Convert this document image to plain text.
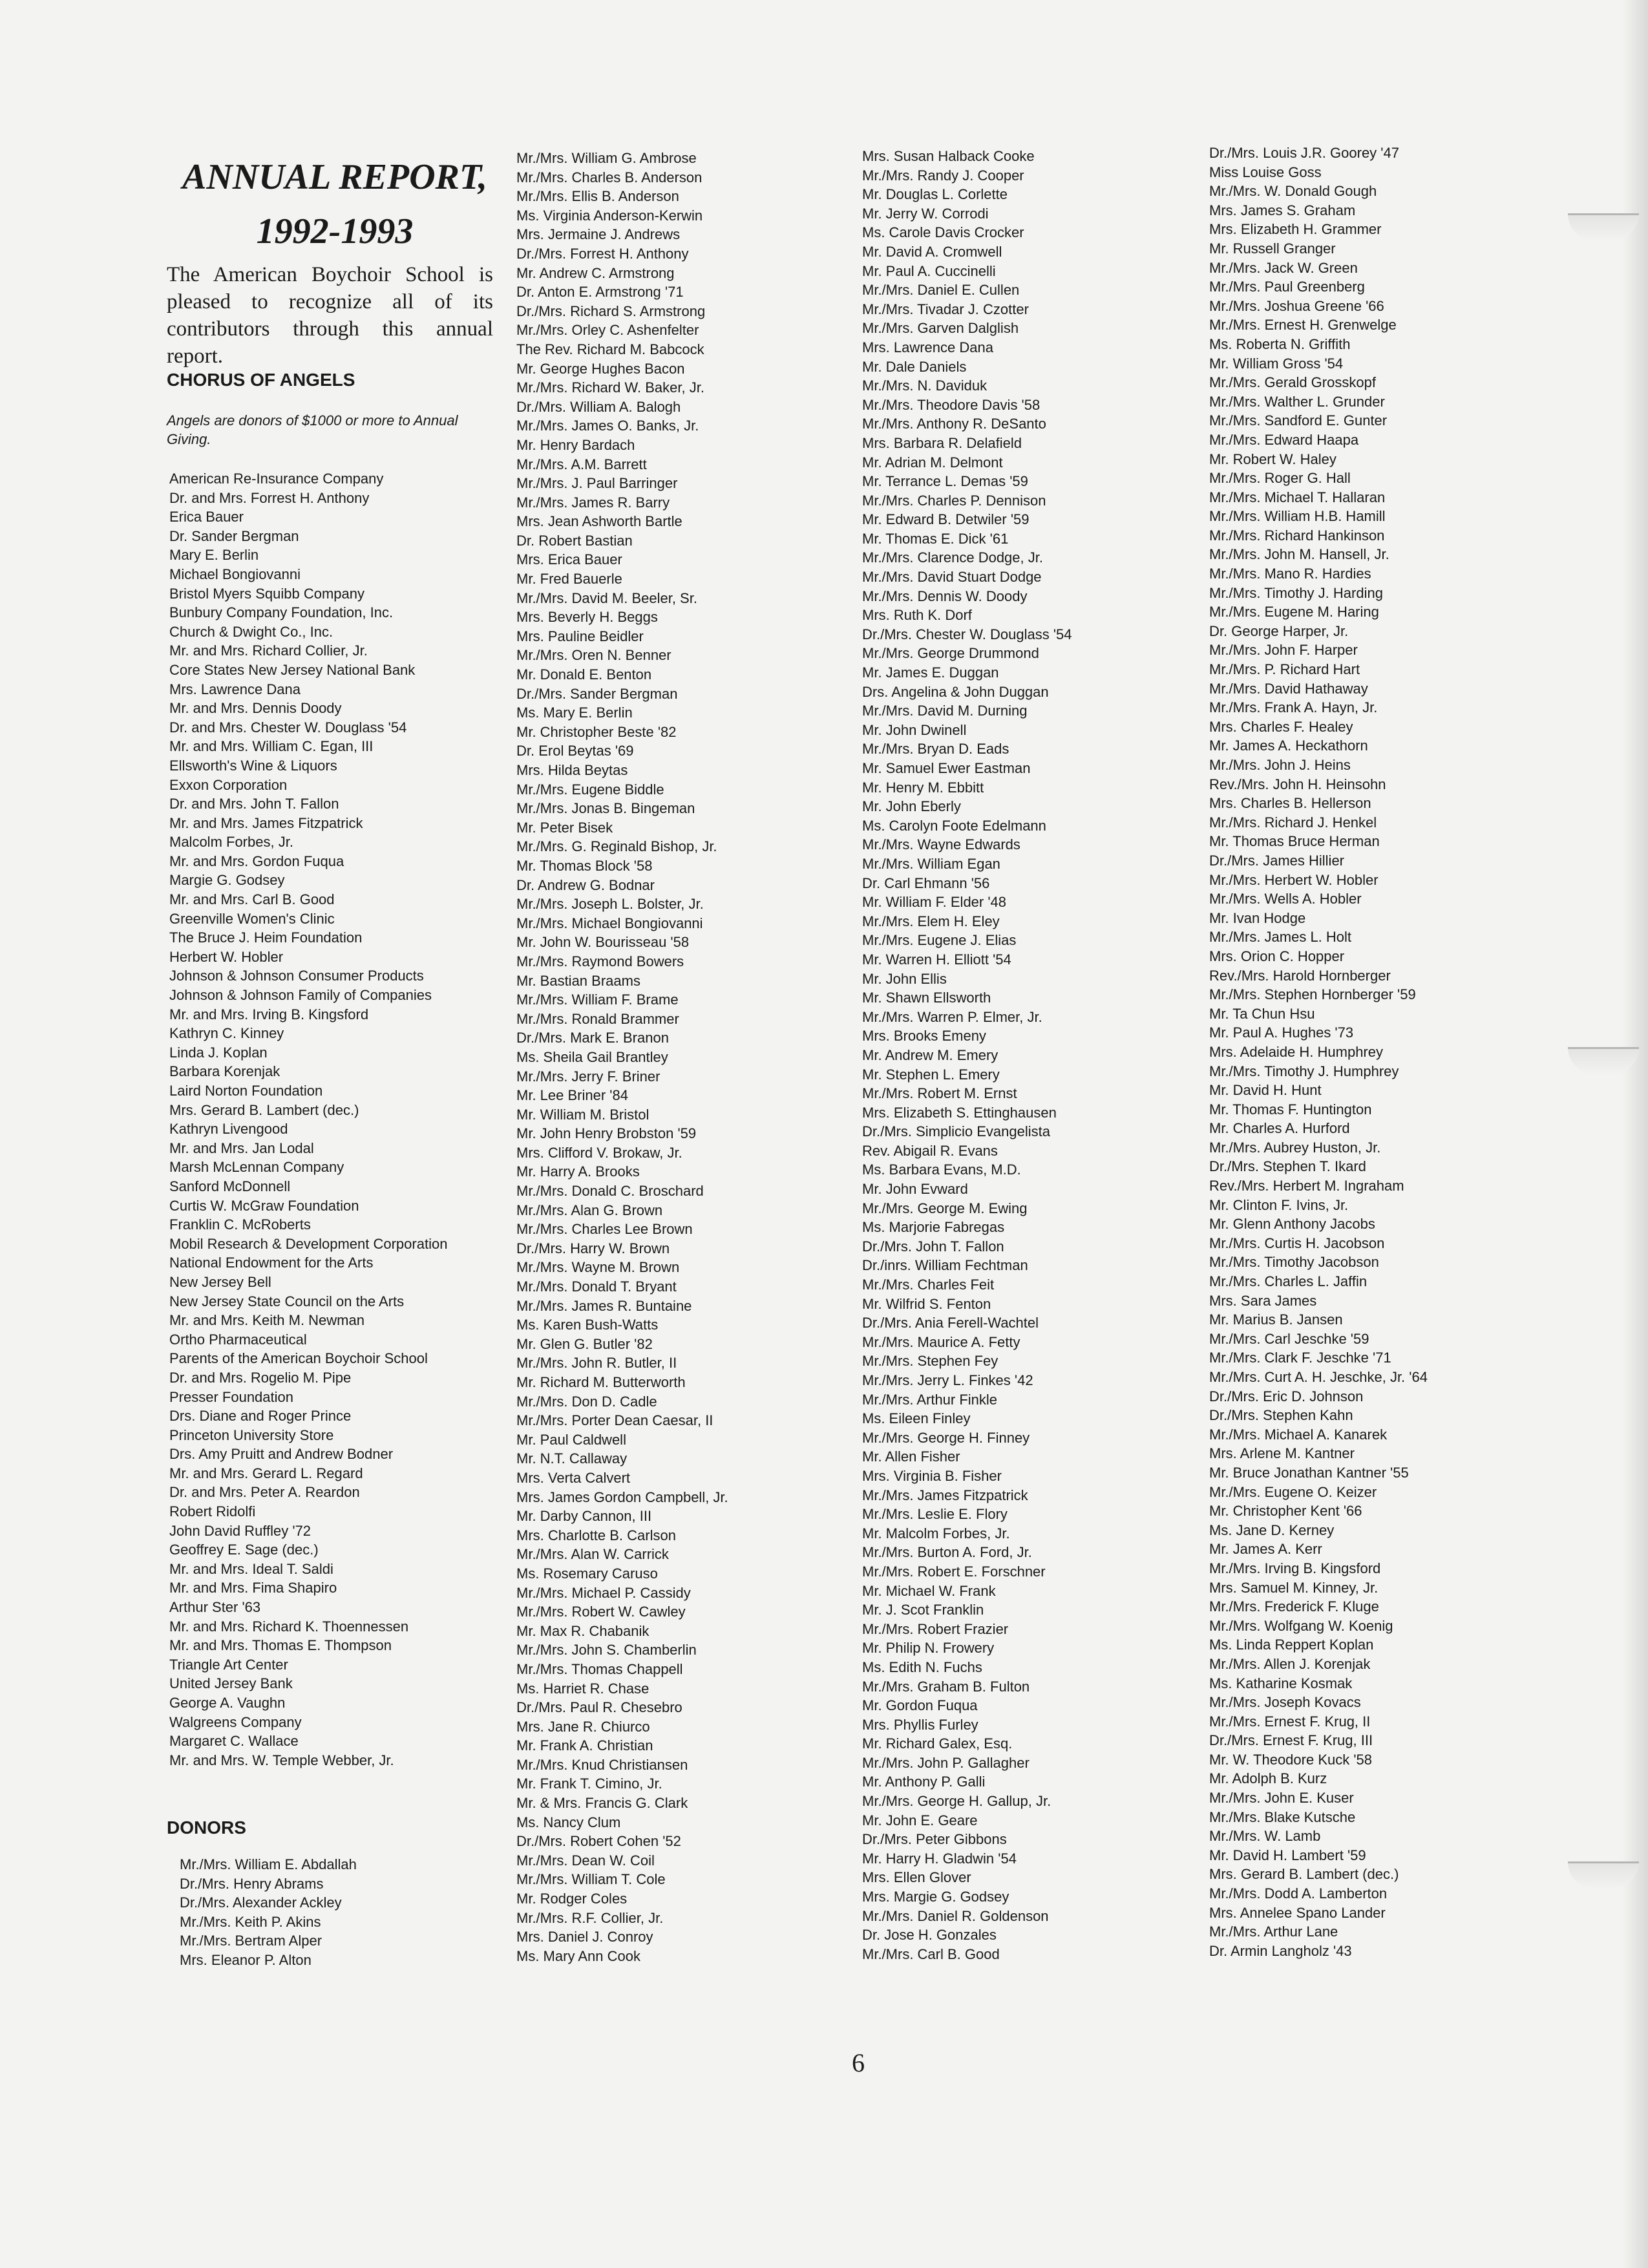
ANNUAL REPORT,
1992-1993

The American Boychoir School is pleased to recognize all of its contributors through this annual report.

CHORUS OF ANGELS

Angels are donors of $1000 or more to Annual Giving.

American Re-Insurance Company
Dr. and Mrs. Forrest H. Anthony
Erica Bauer
Dr. Sander Bergman
Mary E. Berlin
Michael Bongiovanni
Bristol Myers Squibb Company
Bunbury Company Foundation, Inc.
Church & Dwight Co., Inc.
Mr. and Mrs. Richard Collier, Jr.
Core States New Jersey National Bank
Mrs. Lawrence Dana
Mr. and Mrs. Dennis Doody
Dr. and Mrs. Chester W. Douglass '54
Mr. and Mrs. William C. Egan, III
Ellsworth's Wine & Liquors
Exxon Corporation
Dr. and Mrs. John T. Fallon
Mr. and Mrs. James Fitzpatrick
Malcolm Forbes, Jr.
Mr. and Mrs. Gordon Fuqua
Margie G. Godsey
Mr. and Mrs. Carl B. Good
Greenville Women's Clinic
The Bruce J. Heim Foundation
Herbert W. Hobler
Johnson & Johnson Consumer Products
Johnson & Johnson Family of Companies
Mr. and Mrs. Irving B. Kingsford
Kathryn C. Kinney
Linda J. Koplan
Barbara Korenjak
Laird Norton Foundation
Mrs. Gerard B. Lambert (dec.)
Kathryn Livengood
Mr. and Mrs. Jan Lodal
Marsh McLennan Company
Sanford McDonnell
Curtis W. McGraw Foundation
Franklin C. McRoberts
Mobil Research & Development Corporation
National Endowment for the Arts
New Jersey Bell
New Jersey State Council on the Arts
Mr. and Mrs. Keith M. Newman
Ortho Pharmaceutical
Parents of the American Boychoir School
Dr. and Mrs. Rogelio M. Pipe
Presser Foundation
Drs. Diane and Roger Prince
Princeton University Store
Drs. Amy Pruitt and Andrew Bodner
Mr. and Mrs. Gerard L. Regard
Dr. and Mrs. Peter A. Reardon
Robert Ridolfi
John David Ruffley '72
Geoffrey E. Sage (dec.)
Mr. and Mrs. Ideal T. Saldi
Mr. and Mrs. Fima Shapiro
Arthur Ster '63
Mr. and Mrs. Richard K. Thoennessen
Mr. and Mrs. Thomas E. Thompson
Triangle Art Center
United Jersey Bank
George A. Vaughn
Walgreens Company
Margaret C. Wallace
Mr. and Mrs. W. Temple Webber, Jr.
DONORS
Mr./Mrs. William E. Abdallah
Dr./Mrs. Henry Abrams
Dr./Mrs. Alexander Ackley
Mr./Mrs. Keith P. Akins
Mr./Mrs. Bertram Alper
Mrs. Eleanor P. Alton
Mr./Mrs. William G. Ambrose
Mr./Mrs. Charles B. Anderson
Mr./Mrs. Ellis B. Anderson
Ms. Virginia Anderson-Kerwin
Mrs. Jermaine J. Andrews
Dr./Mrs. Forrest H. Anthony
Mr. Andrew C. Armstrong
Dr. Anton E. Armstrong '71
Dr./Mrs. Richard S. Armstrong
Mr./Mrs. Orley C. Ashenfelter
The Rev. Richard M. Babcock
Mr. George Hughes Bacon
Mr./Mrs. Richard W. Baker, Jr.
Dr./Mrs. William A. Balogh
Mr./Mrs. James O. Banks, Jr.
Mr. Henry Bardach
Mr./Mrs. A.M. Barrett
Mr./Mrs. J. Paul Barringer
Mr./Mrs. James R. Barry
Mrs. Jean Ashworth Bartle
Dr. Robert Bastian
Mrs. Erica Bauer
Mr. Fred Bauerle
Mr./Mrs. David M. Beeler, Sr.
Mrs. Beverly H. Beggs
Mrs. Pauline Beidler
Mr./Mrs. Oren N. Benner
Mr. Donald E. Benton
Dr./Mrs. Sander Bergman
Ms. Mary E. Berlin
Mr. Christopher Beste '82
Dr. Erol Beytas '69
Mrs. Hilda Beytas
Mr./Mrs. Eugene Biddle
Mr./Mrs. Jonas B. Bingeman
Mr. Peter Bisek
Mr./Mrs. G. Reginald Bishop, Jr.
Mr. Thomas Block '58
Dr. Andrew G. Bodnar
Mr./Mrs. Joseph L. Bolster, Jr.
Mr./Mrs. Michael Bongiovanni
Mr. John W. Bourisseau '58
Mr./Mrs. Raymond Bowers
Mr. Bastian Braams
Mr./Mrs. William F. Brame
Mr./Mrs. Ronald Brammer
Dr./Mrs. Mark E. Branon
Ms. Sheila Gail Brantley
Mr./Mrs. Jerry F. Briner
Mr. Lee Briner '84
Mr. William M. Bristol
Mr. John Henry Brobston '59
Mrs. Clifford V. Brokaw, Jr.
Mr. Harry A. Brooks
Mr./Mrs. Donald C. Broschard
Mr./Mrs. Alan G. Brown
Mr./Mrs. Charles Lee Brown
Dr./Mrs. Harry W. Brown
Mr./Mrs. Wayne M. Brown
Mr./Mrs. Donald T. Bryant
Mr./Mrs. James R. Buntaine
Ms. Karen Bush-Watts
Mr. Glen G. Butler '82
Mr./Mrs. John R. Butler, II
Mr. Richard M. Butterworth
Mr./Mrs. Don D. Cadle
Mr./Mrs. Porter Dean Caesar, II
Mr. Paul Caldwell
Mr. N.T. Callaway
Mrs. Verta Calvert
Mrs. James Gordon Campbell, Jr.
Mr. Darby Cannon, III
Mrs. Charlotte B. Carlson
Mr./Mrs. Alan W. Carrick
Ms. Rosemary Caruso
Mr./Mrs. Michael P. Cassidy
Mr./Mrs. Robert W. Cawley
Mr. Max R. Chabanik
Mr./Mrs. John S. Chamberlin
Mr./Mrs. Thomas Chappell
Ms. Harriet R. Chase
Dr./Mrs. Paul R. Chesebro
Mrs. Jane R. Chiurco
Mr. Frank A. Christian
Mr./Mrs. Knud Christiansen
Mr. Frank T. Cimino, Jr.
Mr. & Mrs. Francis G. Clark
Ms. Nancy Clum
Dr./Mrs. Robert Cohen '52
Mr./Mrs. Dean W. Coil
Mr./Mrs. William T. Cole
Mr. Rodger Coles
Mr./Mrs. R.F. Collier, Jr.
Mrs. Daniel J. Conroy
Ms. Mary Ann Cook
Mrs. Susan Halback Cooke
Mr./Mrs. Randy J. Cooper
Mr. Douglas L. Corlette
Mr. Jerry W. Corrodi
Ms. Carole Davis Crocker
Mr. David A. Cromwell
Mr. Paul A. Cuccinelli
Mr./Mrs. Daniel E. Cullen
Mr./Mrs. Tivadar J. Czotter
Mr./Mrs. Garven Dalglish
Mrs. Lawrence Dana
Mr. Dale Daniels
Mr./Mrs. N. Daviduk
Mr./Mrs. Theodore Davis '58
Mr./Mrs. Anthony R. DeSanto
Mrs. Barbara R. Delafield
Mr. Adrian M. Delmont
Mr. Terrance L. Demas '59
Mr./Mrs. Charles P. Dennison
Mr. Edward B. Detwiler '59
Mr. Thomas E. Dick '61
Mr./Mrs. Clarence Dodge, Jr.
Mr./Mrs. David Stuart Dodge
Mr./Mrs. Dennis W. Doody
Mrs. Ruth K. Dorf
Dr./Mrs. Chester W. Douglass '54
Mr./Mrs. George Drummond
Mr. James E. Duggan
Drs. Angelina & John Duggan
Mr./Mrs. David M. Durning
Mr. John Dwinell
Mr./Mrs. Bryan D. Eads
Mr. Samuel Ewer Eastman
Mr. Henry M. Ebbitt
Mr. John Eberly
Ms. Carolyn Foote Edelmann
Mr./Mrs. Wayne Edwards
Mr./Mrs. William Egan
Dr. Carl Ehmann '56
Mr. William F. Elder '48
Mr./Mrs. Elem H. Eley
Mr./Mrs. Eugene J. Elias
Mr. Warren H. Elliott '54
Mr. John Ellis
Mr. Shawn Ellsworth
Mr./Mrs. Warren P. Elmer, Jr.
Mrs. Brooks Emeny
Mr. Andrew M. Emery
Mr. Stephen L. Emery
Mr./Mrs. Robert M. Ernst
Mrs. Elizabeth S. Ettinghausen
Dr./Mrs. Simplicio Evangelista
Rev. Abigail R. Evans
Ms. Barbara Evans, M.D.
Mr. John Evward
Mr./Mrs. George M. Ewing
Ms. Marjorie Fabregas
Dr./Mrs. John T. Fallon
Dr./inrs. William Fechtman
Mr./Mrs. Charles Feit
Mr. Wilfrid S. Fenton
Dr./Mrs. Ania Ferell-Wachtel
Mr./Mrs. Maurice A. Fetty
Mr./Mrs. Stephen Fey
Mr./Mrs. Jerry L. Finkes '42
Mr./Mrs. Arthur Finkle
Ms. Eileen Finley
Mr./Mrs. George H. Finney
Mr. Allen Fisher
Mrs. Virginia B. Fisher
Mr./Mrs. James Fitzpatrick
Mr./Mrs. Leslie E. Flory
Mr. Malcolm Forbes, Jr.
Mr./Mrs. Burton A. Ford, Jr.
Mr./Mrs. Robert E. Forschner
Mr. Michael W. Frank
Mr. J. Scot Franklin
Mr./Mrs. Robert Frazier
Mr. Philip N. Frowery
Ms. Edith N. Fuchs
Mr./Mrs. Graham B. Fulton
Mr. Gordon Fuqua
Mrs. Phyllis Furley
Mr. Richard Galex, Esq.
Mr./Mrs. John P. Gallagher
Mr. Anthony P. Galli
Mr./Mrs. George H. Gallup, Jr.
Mr. John E. Geare
Dr./Mrs. Peter Gibbons
Mr. Harry H. Gladwin '54
Mrs. Ellen Glover
Mrs. Margie G. Godsey
Mr./Mrs. Daniel R. Goldenson
Dr. Jose H. Gonzales
Mr./Mrs. Carl B. Good
Dr./Mrs. Louis J.R. Goorey '47
Miss Louise Goss
Mr./Mrs. W. Donald Gough
Mrs. James S. Graham
Mrs. Elizabeth H. Grammer
Mr. Russell Granger
Mr./Mrs. Jack W. Green
Mr./Mrs. Paul Greenberg
Mr./Mrs. Joshua Greene '66
Mr./Mrs. Ernest H. Grenwelge
Ms. Roberta N. Griffith
Mr. William Gross '54
Mr./Mrs. Gerald Grosskopf
Mr./Mrs. Walther L. Grunder
Mr./Mrs. Sandford E. Gunter
Mr./Mrs. Edward Haapa
Mr. Robert W. Haley
Mr./Mrs. Roger G. Hall
Mr./Mrs. Michael T. Hallaran
Mr./Mrs. William H.B. Hamill
Mr./Mrs. Richard Hankinson
Mr./Mrs. John M. Hansell, Jr.
Mr./Mrs. Mano R. Hardies
Mr./Mrs. Timothy J. Harding
Mr./Mrs. Eugene M. Haring
Dr. George Harper, Jr.
Mr./Mrs. John F. Harper
Mr./Mrs. P. Richard Hart
Mr./Mrs. David Hathaway
Mr./Mrs. Frank A. Hayn, Jr.
Mrs. Charles F. Healey
Mr. James A. Heckathorn
Mr./Mrs. John J. Heins
Rev./Mrs. John H. Heinsohn
Mrs. Charles B. Hellerson
Mr./Mrs. Richard J. Henkel
Mr. Thomas Bruce Herman
Dr./Mrs. James Hillier
Mr./Mrs. Herbert W. Hobler
Mr./Mrs. Wells A. Hobler
Mr. Ivan Hodge
Mr./Mrs. James L. Holt
Mrs. Orion C. Hopper
Rev./Mrs. Harold Hornberger
Mr./Mrs. Stephen Hornberger '59
Mr. Ta Chun Hsu
Mr. Paul A. Hughes '73
Mrs. Adelaide H. Humphrey
Mr./Mrs. Timothy J. Humphrey
Mr. David H. Hunt
Mr. Thomas F. Huntington
Mr. Charles A. Hurford
Mr./Mrs. Aubrey Huston, Jr.
Dr./Mrs. Stephen T. Ikard
Rev./Mrs. Herbert M. Ingraham
Mr. Clinton F. Ivins, Jr.
Mr. Glenn Anthony Jacobs
Mr./Mrs. Curtis H. Jacobson
Mr./Mrs. Timothy Jacobson
Mr./Mrs. Charles L. Jaffin
Mrs. Sara James
Mr. Marius B. Jansen
Mr./Mrs. Carl Jeschke '59
Mr./Mrs. Clark F. Jeschke '71
Mr./Mrs. Curt A. H. Jeschke, Jr. '64
Dr./Mrs. Eric D. Johnson
Dr./Mrs. Stephen Kahn
Mr./Mrs. Michael A. Kanarek
Mrs. Arlene M. Kantner
Mr. Bruce Jonathan Kantner '55
Mr./Mrs. Eugene O. Keizer
Mr. Christopher Kent '66
Ms. Jane D. Kerney
Mr. James A. Kerr
Mr./Mrs. Irving B. Kingsford
Mrs. Samuel M. Kinney, Jr.
Mr./Mrs. Frederick F. Kluge
Mr./Mrs. Wolfgang W. Koenig
Ms. Linda Reppert Koplan
Mr./Mrs. Allen J. Korenjak
Ms. Katharine Kosmak
Mr./Mrs. Joseph Kovacs
Mr./Mrs. Ernest F. Krug, II
Dr./Mrs. Ernest F. Krug, III
Mr. W. Theodore Kuck '58
Mr. Adolph B. Kurz
Mr./Mrs. John E. Kuser
Mr./Mrs. Blake Kutsche
Mr./Mrs. W. Lamb
Mr. David H. Lambert '59
Mrs. Gerard B. Lambert (dec.)
Mr./Mrs. Dodd A. Lamberton
Mrs. Annelee Spano Lander
Mr./Mrs. Arthur Lane
Dr. Armin Langholz '43

6
